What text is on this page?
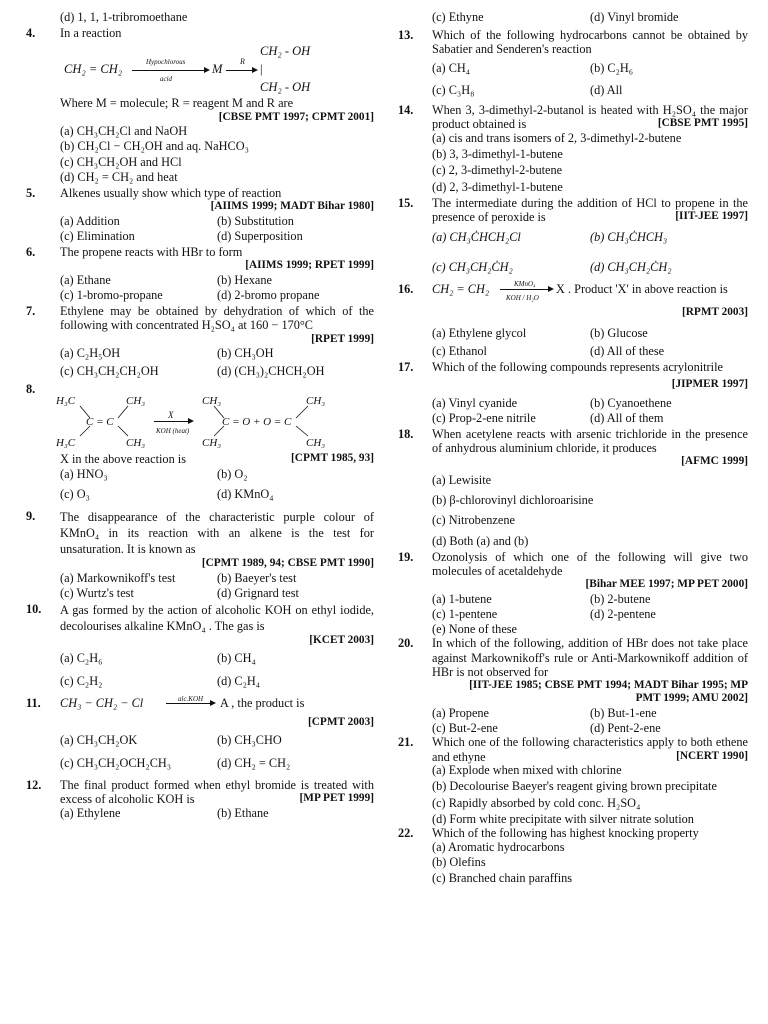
(d) 1, 1, 1-tribromoethane
4. In a reaction
CH₂ = CH₂	Hypochlorous
acid
M
R
→ |
CH₂ - OH
CH₂ - OH
Where M = molecule; R = reagent M and R are
[CBSE PMT 1997; CPMT 2001]
(a) CH₃CH₂Cl and NaOH
(b) CH₂Cl − CH₂OH and aq. NaHCO₃
(c) CH₃CH₂OH and HCl
(d) CH₂ = CH₂ and heat
5. Alkenes usually show which type of reaction
[AIIMS 1999; MADT Bihar 1980]
(a) Addition	(b) Substitution
(c) Elimination	(d) Superposition
6. The propene reacts with HBr to form
[AIIMS 1999; RPET 1999]
(a) Ethane	(b) Hexane
(c) 1-bromo-propane	(d) 2-bromo propane
7. Ethylene may be obtained by dehydration of which of the following with concentrated H₂SO₄ at 160 − 170°C
[RPET 1999]
(a) C₂H₅OH	(b) CH₃OH
(c) CH₃CH₂CH₂OH	(d) (CH₃)₂CHCH₂OH
8.
H₃C
H₃C
C = C
CH₃
CH₃
X
KOH (heat)
CH₃
CH₃
C = O + O = C
CH₃
CH₃
X in the above reaction is	[CPMT 1985, 93]
(a) HNO₃	(b) O₂
(c) O₃	(d) KMnO₄
9. The disappearance of the characteristic purple colour of KMnO₄ in its reaction with an alkene is the test for unsaturation. It is known as
[CPMT 1989, 94; CBSE PMT 1990]
(a) Markownikoff's test	(b) Baeyer's test
(c) Wurtz's test	(d) Grignard test
10. A gas formed by the action of alcoholic KOH on ethyl iodide, decolourises alkaline KMnO₄ . The gas is
[KCET 2003]
(a) C₂H₆	(b) CH₄
(c) C₂H₂	(d) C₂H₄
11. CH₃ − CH₂ − Cl	alc.KOH → A , the product is
[CPMT 2003]
(a) CH₃CH₂OK	(b) CH₃CHO
(c) CH₃CH₂OCH₂CH₃	(d) CH₂ = CH₂
12. The final product formed when ethyl bromide is treated with excess of alcoholic KOH is	[MP PET 1999]
(a) Ethylene	(b) Ethane
(c) Ethyne	(d) Vinyl bromide
13. Which of the following hydrocarbons cannot be obtained by Sabatier and Senderen's reaction
(a) CH₄	(b) C₂H₆
(c) C₃H₈	(d) All
14. When 3, 3-dimethyl-2-butanol is heated with H₂SO₄ the major product obtained is	[CBSE PMT 1995]
(a) cis and trans isomers of 2, 3-dimethyl-2-butene
(b) 3, 3-dimethyl-1-butene
(c) 2, 3-dimethyl-2-butene
(d) 2, 3-dimethyl-1-butene
15. The intermediate during the addition of HCl to propene in the presence of peroxide is	[IIT-JEE 1997]
(a) CH₃ĊHCH₂Cl	(b) CH₃ĊHCH₃
(c) CH₃CH₂ĊH₂	(d) CH₃CH₂ĊH₂
16. CH₂ = CH₂	KMnO₄
KOH / H₂O
X . Product 'X' in above reaction is
[RPMT 2003]
(a) Ethylene glycol	(b) Glucose
(c) Ethanol	(d) All of these
17. Which of the following compounds represents acrylonitrile
[JIPMER 1997]
(a) Vinyl cyanide	(b) Cyanoethene
(c) Prop-2-ene nitrile	(d) All of them
18. When acetylene reacts with arsenic trichloride in the presence of anhydrous aluminium chloride, it produces
[AFMC 1999]
(a) Lewisite
(b) β-chlorovinyl dichloroarisine
(c) Nitrobenzene
(d) Both (a) and (b)
19. Ozonolysis of which one of the following will give two molecules of acetaldehyde
[Bihar MEE 1997; MP PET 2000]
(a) 1-butene	(b) 2-butene
(c) 1-pentene	(d) 2-pentene
(e) None of these
20. In which of the following, addition of HBr does not take place against Markownikoff's rule or Anti-Markownikoff addition of HBr is not observed for
[IIT-JEE 1985; CBSE PMT 1994; MADT Bihar 1995; MP PMT 1999; AMU 2002]
(a) Propene	(b) But-1-ene
(c) But-2-ene	(d) Pent-2-ene
21. Which one of the following characteristics apply to both ethene and ethyne	[NCERT 1990]
(a) Explode when mixed with chlorine
(b) Decolourise Baeyer's reagent giving brown precipitate
(c) Rapidly absorbed by cold conc. H₂SO₄
(d) Form white precipitate with silver nitrate solution
22. Which of the following has highest knocking property
(a) Aromatic hydrocarbons
(b) Olefins
(c) Branched chain paraffins
